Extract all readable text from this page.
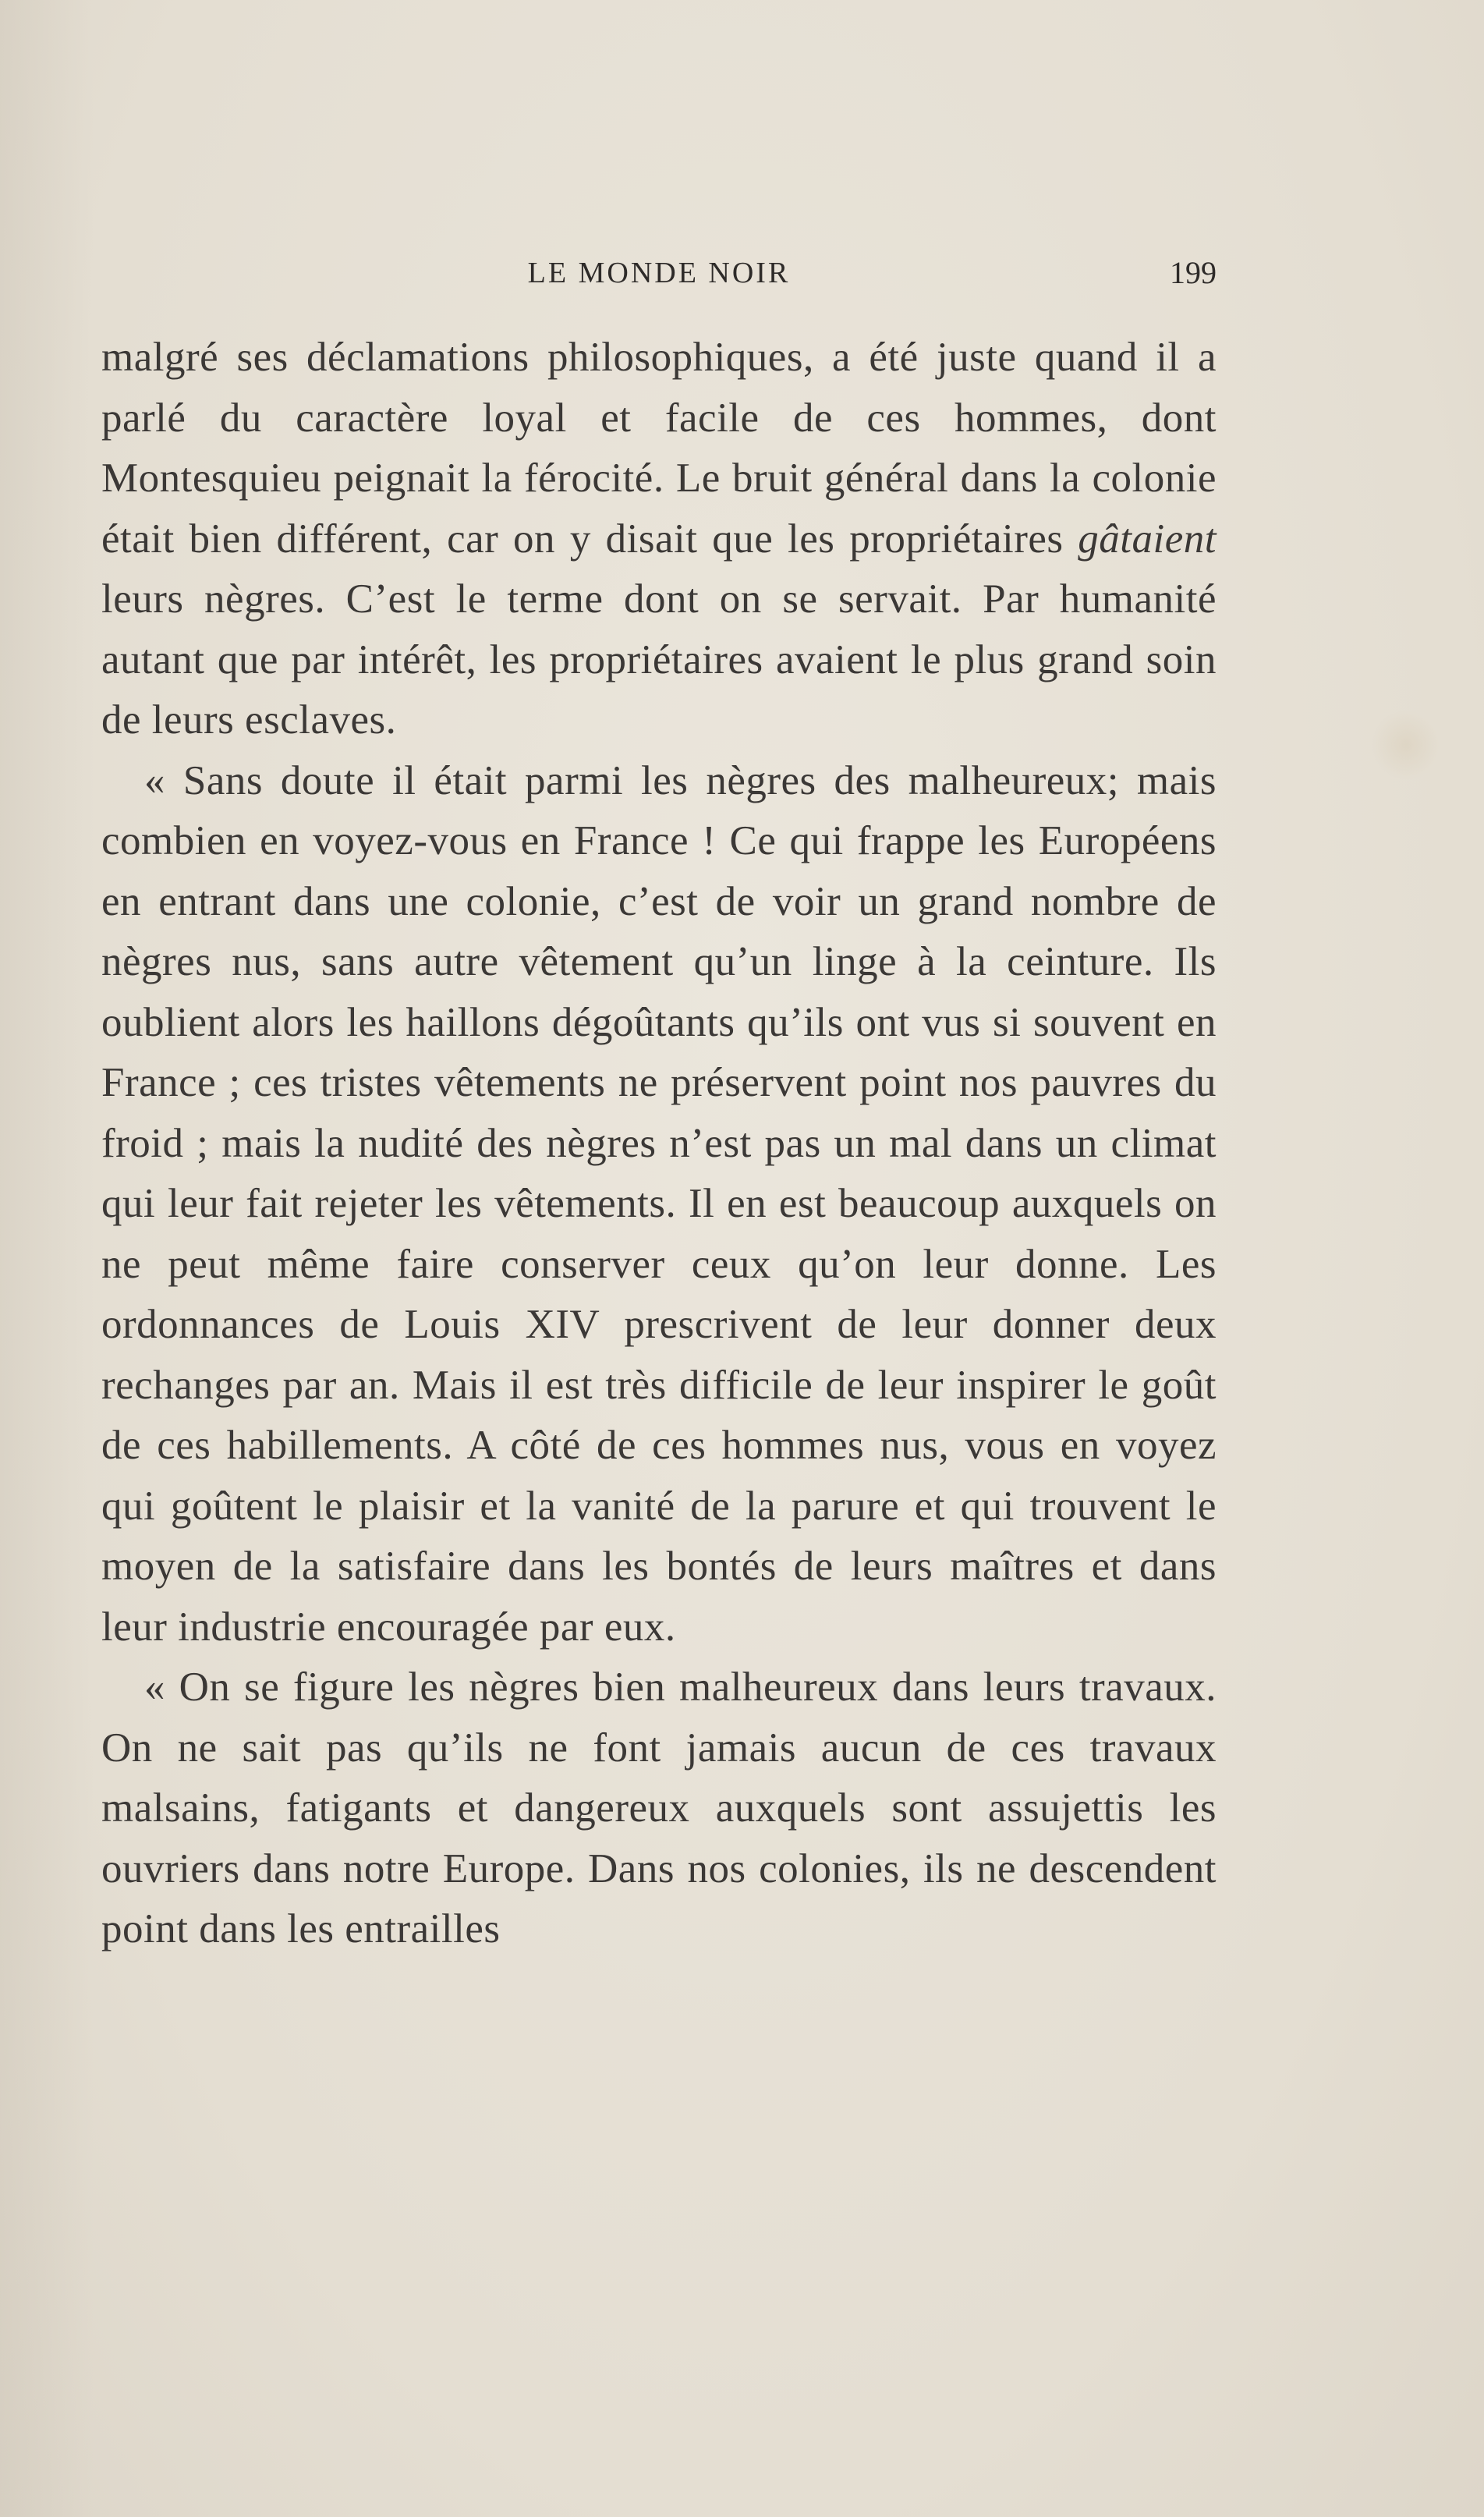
LE MONDE NOIR	199

malgré ses déclamations philosophiques, a été juste quand il a parlé du caractère loyal et facile de ces hommes, dont Montesquieu peignait la férocité. Le bruit général dans la colonie était bien différent, car on y disait que les propriétaires gâtaient leurs nègres. C’est le terme dont on se servait. Par humanité autant que par intérêt, les propriétaires avaient le plus grand soin de leurs esclaves.

« Sans doute il était parmi les nègres des malheureux; mais combien en voyez-vous en France ! Ce qui frappe les Européens en entrant dans une colonie, c’est de voir un grand nombre de nègres nus, sans autre vêtement qu’un linge à la ceinture. Ils oublient alors les haillons dégoûtants qu’ils ont vus si souvent en France ; ces tristes vêtements ne préservent point nos pauvres du froid ; mais la nudité des nègres n’est pas un mal dans un climat qui leur fait rejeter les vêtements. Il en est beaucoup auxquels on ne peut même faire conserver ceux qu’on leur donne. Les ordonnances de Louis XIV prescrivent de leur donner deux rechanges par an. Mais il est très difficile de leur inspirer le goût de ces habillements. A côté de ces hommes nus, vous en voyez qui goûtent le plaisir et la vanité de la parure et qui trouvent le moyen de la satisfaire dans les bontés de leurs maîtres et dans leur industrie encouragée par eux.

« On se figure les nègres bien malheureux dans leurs travaux. On ne sait pas qu’ils ne font jamais aucun de ces travaux malsains, fatigants et dangereux auxquels sont assujettis les ouvriers dans notre Europe. Dans nos colonies, ils ne descendent point dans les entrailles
